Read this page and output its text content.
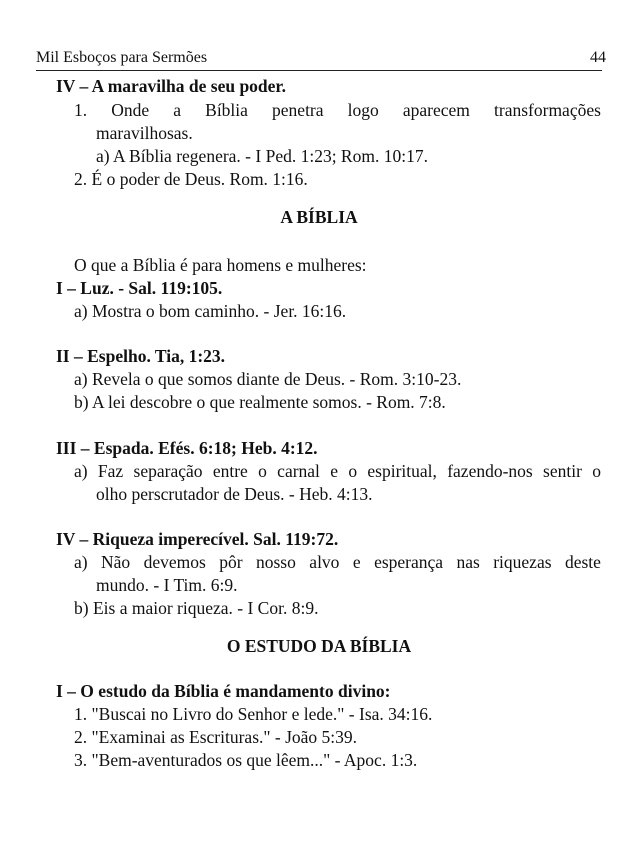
Mil Esboços para Sermões	44
IV – A maravilha de seu poder.
1. Onde a Bíblia penetra logo aparecem transformações
maravilhosas.
a) A Bíblia regenera. - I Ped. 1:23; Rom. 10:17.
2. É o poder de Deus. Rom. 1:16.
A BÍBLIA
O que a Bíblia é para homens e mulheres:
I – Luz. - Sal. 119:105.
a) Mostra o bom caminho. - Jer. 16:16.
II – Espelho. Tia, 1:23.
a) Revela o que somos diante de Deus. - Rom. 3:10-23.
b) A lei descobre o que realmente somos. - Rom. 7:8.
III – Espada. Efés. 6:18; Heb. 4:12.
a) Faz separação entre o carnal e o espiritual, fazendo-nos sentir o
olho perscrutador de Deus. - Heb. 4:13.
IV – Riqueza imperecível. Sal. 119:72.
a) Não devemos pôr nosso alvo e esperança nas riquezas deste
mundo. - I Tim. 6:9.
b) Eis a maior riqueza. - I Cor. 8:9.
O ESTUDO DA BÍBLIA
I – O estudo da Bíblia é mandamento divino:
1. "Buscai no Livro do Senhor e lede." - Isa. 34:16.
2. "Examinai as Escrituras." - João 5:39.
3. "Bem-aventurados os que lêem..." - Apoc. 1:3.
